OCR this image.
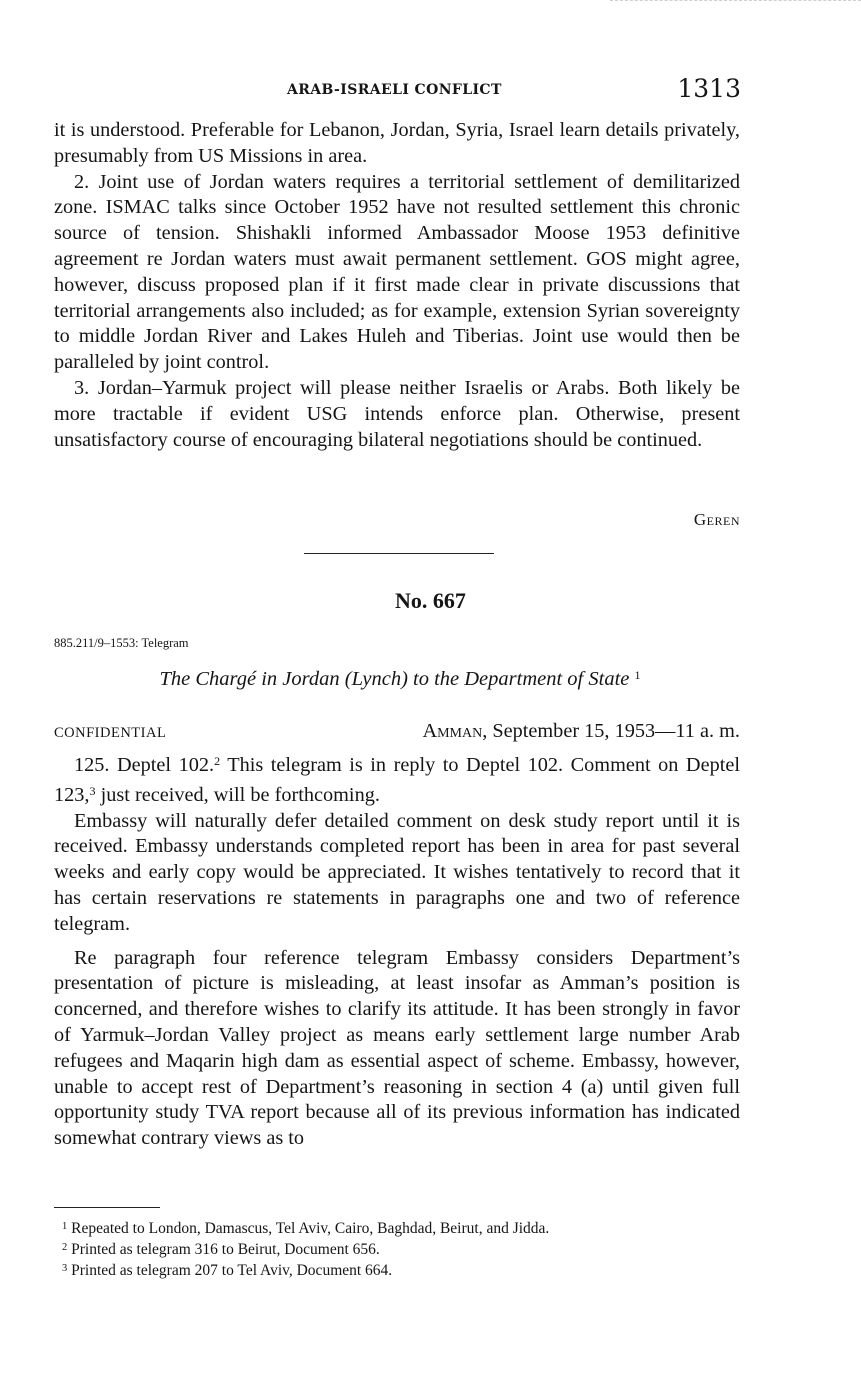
ARAB-ISRAELI CONFLICT	1313

it is understood. Preferable for Lebanon, Jordan, Syria, Israel learn details privately, presumably from US Missions in area.

2. Joint use of Jordan waters requires a territorial settlement of demilitarized zone. ISMAC talks since October 1952 have not resulted settlement this chronic source of tension. Shishakli informed Ambassador Moose 1953 definitive agreement re Jordan waters must await permanent settlement. GOS might agree, however, discuss proposed plan if it first made clear in private discussions that territorial arrangements also included; as for example, extension Syrian sovereignty to middle Jordan River and Lakes Huleh and Tiberias. Joint use would then be paralleled by joint control.

3. Jordan–Yarmuk project will please neither Israelis or Arabs. Both likely be more tractable if evident USG intends enforce plan. Otherwise, present unsatisfactory course of encouraging bilateral negotiations should be continued.

Geren
No. 667
885.211/9–1553: Telegram
The Chargé in Jordan (Lynch) to the Department of State $^1$
CONFIDENTIAL	Amman, September 15, 1953—11 a. m.

125. Deptel 102.$^2$ This telegram is in reply to Deptel 102. Comment on Deptel 123,$^3$ just received, will be forthcoming.

Embassy will naturally defer detailed comment on desk study report until it is received. Embassy understands completed report has been in area for past several weeks and early copy would be appreciated. It wishes tentatively to record that it has certain reservations re statements in paragraphs one and two of reference telegram.

Re paragraph four reference telegram Embassy considers Department’s presentation of picture is misleading, at least insofar as Amman’s position is concerned, and therefore wishes to clarify its attitude. It has been strongly in favor of Yarmuk–Jordan Valley project as means early settlement large number Arab refugees and Maqarin high dam as essential aspect of scheme. Embassy, however, unable to accept rest of Department’s reasoning in section 4 (a) until given full opportunity study TVA report because all of its previous information has indicated somewhat contrary views as to

$^1$ Repeated to London, Damascus, Tel Aviv, Cairo, Baghdad, Beirut, and Jidda.
$^2$ Printed as telegram 316 to Beirut, Document 656.
$^3$ Printed as telegram 207 to Tel Aviv, Document 664.
